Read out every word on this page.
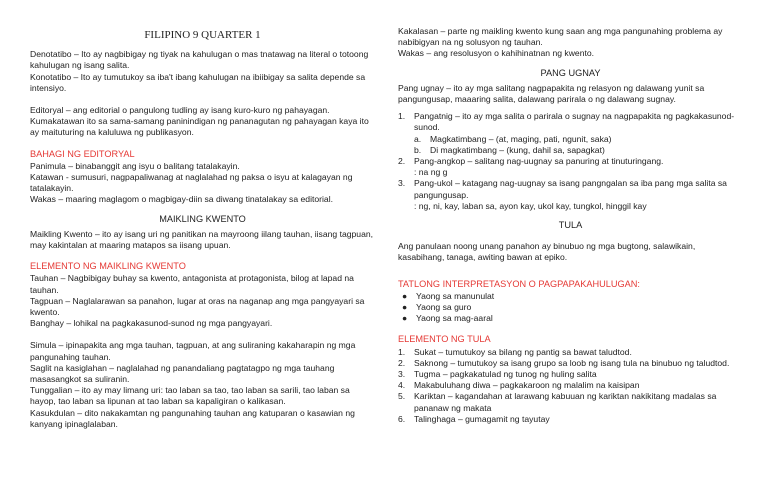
FILIPINO 9 QUARTER 1

Denotatibo – Ito ay nagbibigay ng tiyak na kahulugan o mas tnatawag na literal o totoong kahulugan ng isang salita.

Konotatibo – Ito ay tumutukoy sa iba't ibang kahulugan na ibiibigay sa salita depende sa intensiyo.

Editoryal – ang editorial o pangulong tudling ay isang kuro-kuro ng pahayagan. Kumakatawan ito sa sama-samang paninindigan ng pananagutan ng pahayagan kaya ito ay maituturing na kaluluwa ng publikasyon.

BAHAGI NG EDITORYAL

Panimula – binabanggit ang isyu o balitang tatalakayin.

Katawan - sumusuri, nagpapaliwanag at naglalahad ng paksa o isyu at kalagayan ng tatalakayin.

Wakas – maaring maglagom o magbigay-diin sa diwang tinatalakay sa editorial.

MAIKLING KWENTO

Maikling Kwento – ito ay isang uri ng panitikan na mayroong iilang tauhan, iisang tagpuan, may kakintalan at maaring matapos sa iisang upuan.

ELEMENTO NG MAIKLING KWENTO

Tauhan – Nagbibigay buhay sa kwento, antagonista at protagonista, bilog at lapad na tauhan.

Tagpuan – Naglalarawan sa panahon, lugar at oras na naganap ang mga pangyayari sa kwento.

Banghay – lohikal na pagkakasunod-sunod ng mga pangyayari.

Simula – ipinapakita ang mga tauhan, tagpuan, at ang suliraning kakaharapin ng mga pangunahing tauhan.

Saglit na kasiglahan – naglalahad ng panandaliang pagtatagpo ng mga tauhang masasangkot sa suliranin.

Tunggalian – ito ay may limang uri: tao laban sa tao, tao laban sa sarili, tao laban sa hayop, tao laban sa lipunan at tao laban sa kapaligiran o kalikasan.

Kasukdulan – dito nakakamtan ng pangunahing tauhan ang katuparan o kasawian ng kanyang ipinaglalaban.

Kakalasan – parte ng maikling kwento kung saan ang mga pangunahing problema ay nabibigyan na ng solusyon ng tauhan.

Wakas – ang resolusyon o kahihinatnan ng kwento.

PANG UGNAY

Pang ugnay – ito ay mga salitang nagpapakita ng relasyon ng dalawang yunit sa pangungusap, maaaring salita, dalawang parirala o ng dalawang sugnay.

1.	Pangatnig – ito ay mga salita o parirala o sugnay na nagpapakita ng pagkakasunod-sunod.

a.	Magkatimbang – (at, maging, pati, ngunit, saka)
b.	Di magkatimbang – (kung, dahil sa, sapagkat)
2.	Pang-angkop – salitang nag-uugnay sa panuring at tinuturingang.

: na ng g

3.	Pang-ukol – katagang nag-uugnay sa isang pangngalan sa iba pang mga salita sa pangungusap.

: ng, ni, kay, laban sa, ayon kay, ukol kay, tungkol, hinggil kay

TULA

Ang panulaan noong unang panahon ay binubuo ng mga bugtong, salawikain, kasabihang, tanaga, awiting bawan at epiko.

TATLONG INTERPRETASYON O PAGPAPAKAHULUGAN:
●	Yaong sa manunulat
●	Yaong sa guro
●	Yaong sa mag-aaral
ELEMENTO NG TULA
1.	Sukat – tumutukoy sa bilang ng pantig sa bawat taludtod.
2.	Saknong – tumutukoy sa isang grupo sa loob ng isang tula na binubuo ng taludtod.
3.	Tugma – pagkakatulad ng tunog ng huling salita
4.	Makabuluhang diwa – pagkakaroon ng malalim na kaisipan
5.	Kariktan – kagandahan at larawang kabuuan ng kariktan nakikitang madalas sa pananaw ng makata
6.	Talinghaga – gumagamit ng tayutay
